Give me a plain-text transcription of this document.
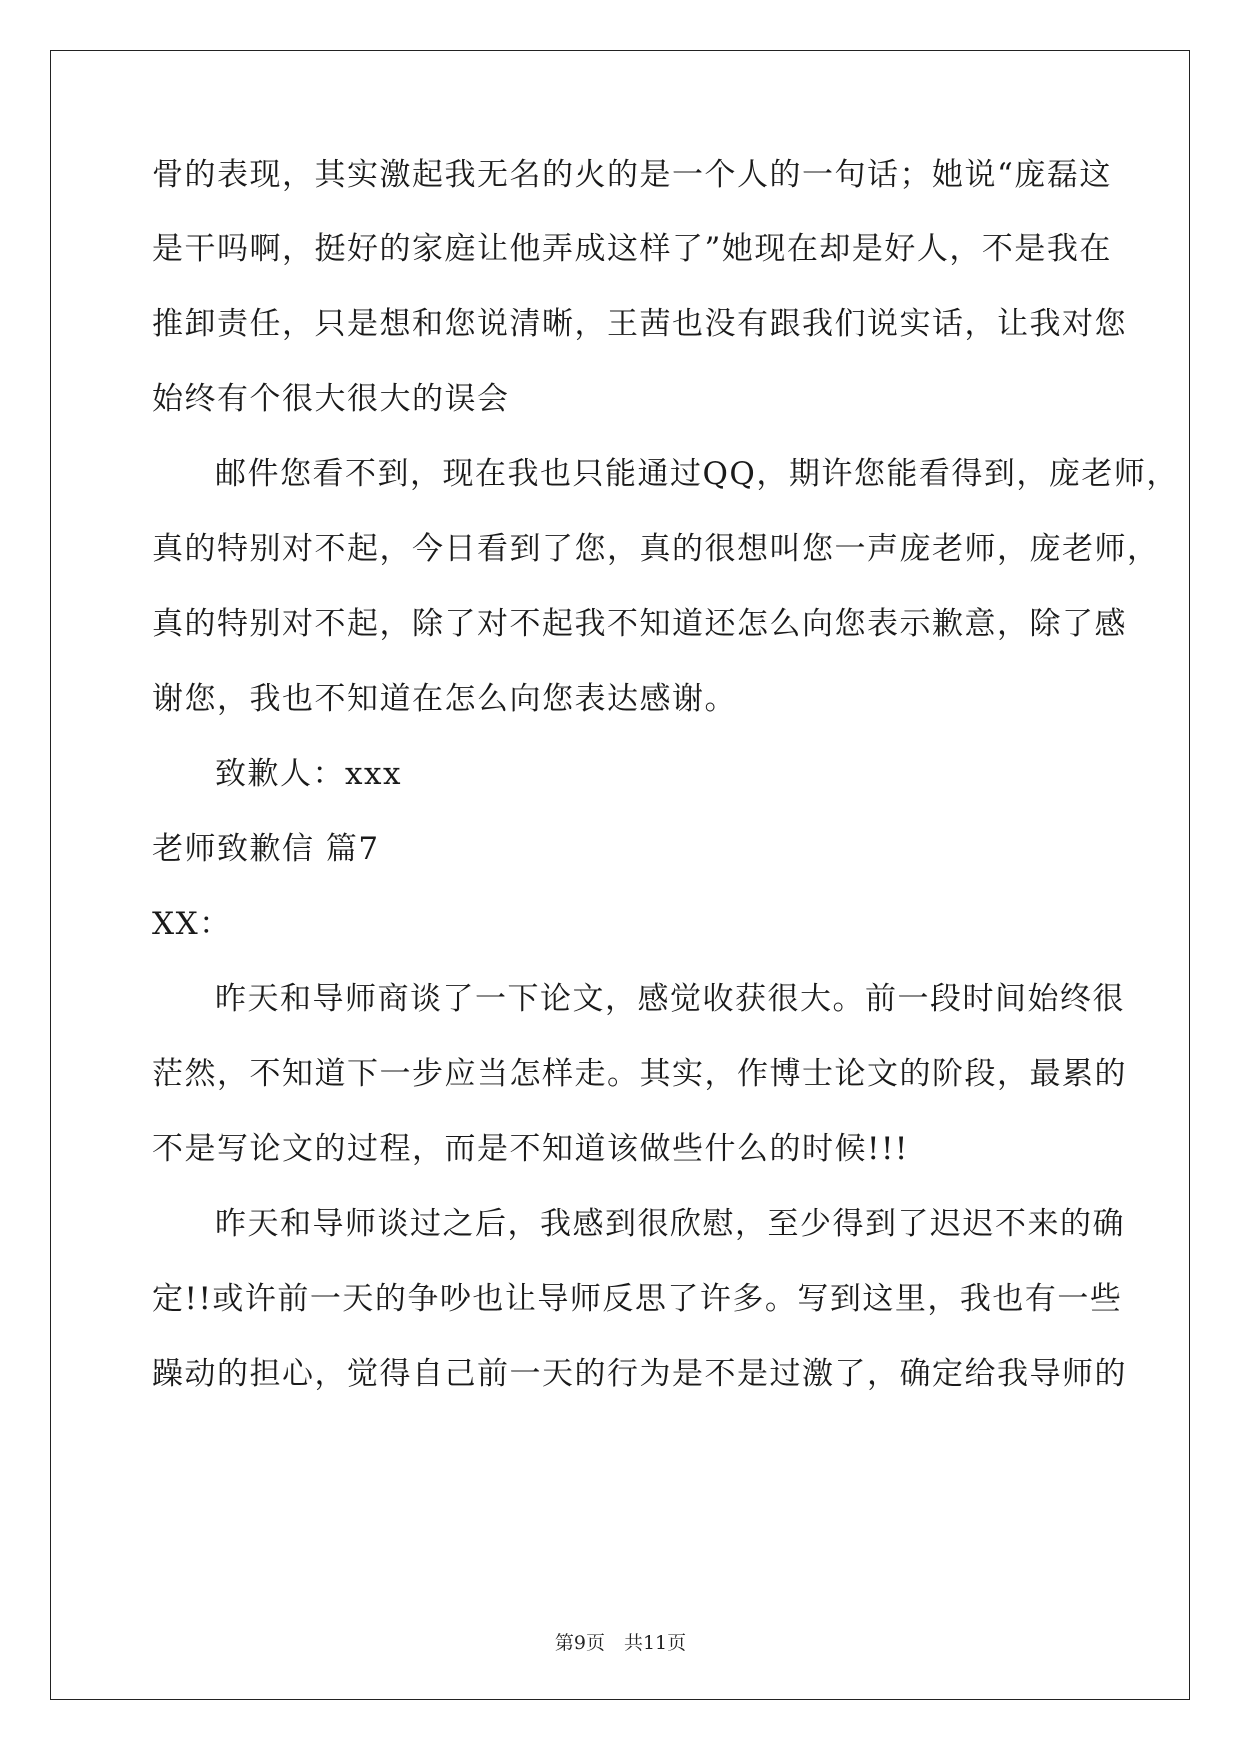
骨的表现，其实激起我无名的火的是一个人的一句话；她说“庞磊这
是干吗啊，挺好的家庭让他弄成这样了”她现在却是好人，不是我在
推卸责任，只是想和您说清晰，王茜也没有跟我们说实话，让我对您
始终有个很大很大的误会
邮件您看不到，现在我也只能通过QQ，期许您能看得到，庞老师，
真的特别对不起，今日看到了您，真的很想叫您一声庞老师，庞老师，
真的特别对不起，除了对不起我不知道还怎么向您表示歉意，除了感
谢您，我也不知道在怎么向您表达感谢。
致歉人：xxx
老师致歉信 篇7
XX：
昨天和导师商谈了一下论文，感觉收获很大。前一段时间始终很
茫然，不知道下一步应当怎样走。其实，作博士论文的阶段，最累的
不是写论文的过程，而是不知道该做些什么的时候!!!
昨天和导师谈过之后，我感到很欣慰，至少得到了迟迟不来的确
定!!或许前一天的争吵也让导师反思了许多。写到这里，我也有一些
躁动的担心，觉得自己前一天的行为是不是过激了，确定给我导师的
第9页　共11页
